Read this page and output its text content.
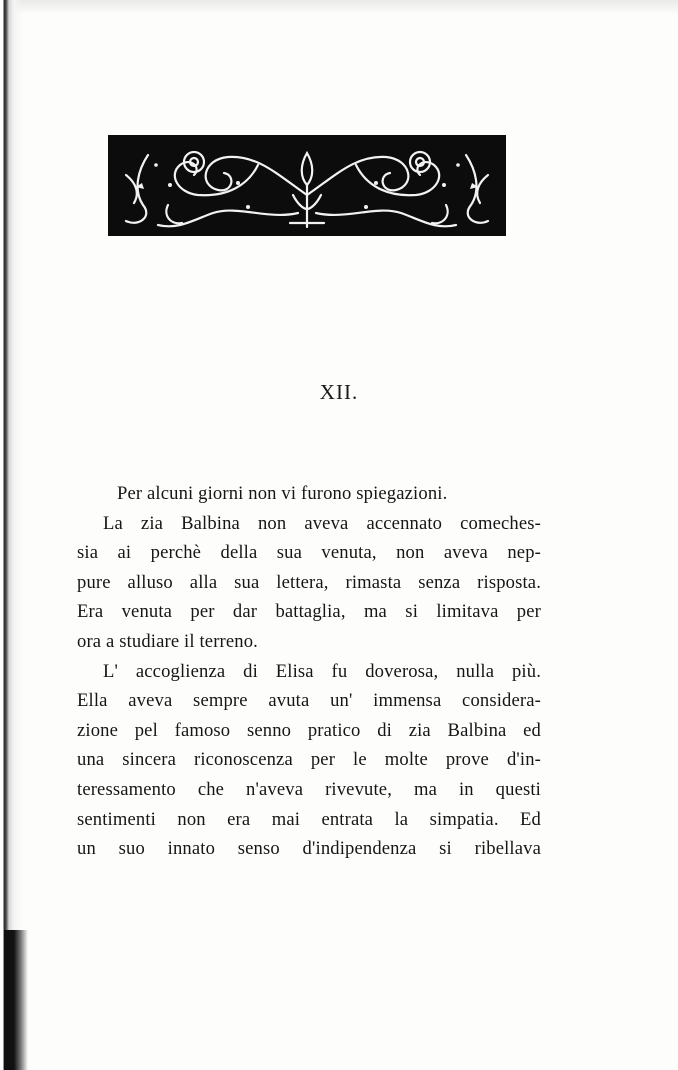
XII.

Per alcuni giorni non vi furono spiegazioni.

La zia Balbina non aveva accennato comeches-

sia ai perchè della sua venuta, non aveva nep-

pure alluso alla sua lettera, rimasta senza risposta.

Era venuta per dar battaglia, ma si limitava per

ora a studiare il terreno.

L' accoglienza di Elisa fu doverosa, nulla più.

Ella aveva sempre avuta un' immensa considera-

zione pel famoso senno pratico di zia Balbina ed

una sincera riconoscenza per le molte prove d'in-

teressamento che n'aveva rivevute, ma in questi

sentimenti non era mai entrata la simpatia. Ed

un suo innato senso d'indipendenza si ribellava
